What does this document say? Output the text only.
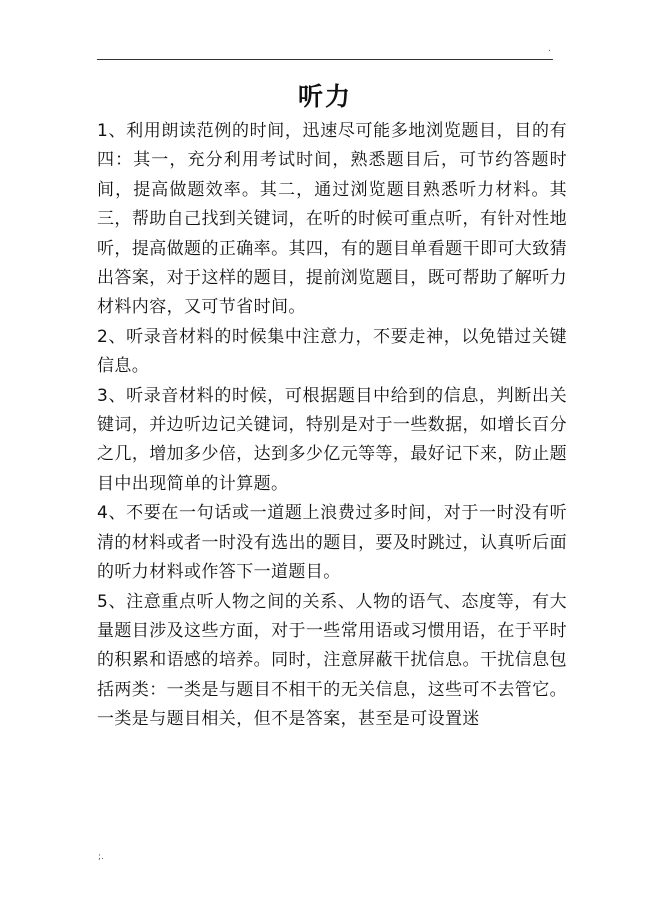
.
听力

1、利用朗读范例的时间，迅速尽可能多地浏览题目，目的有四：其一，充分利用考试时间，熟悉题目后，可节约答题时间，提高做题效率。其二，通过浏览题目熟悉听力材料。其三，帮助自己找到关键词，在听的时候可重点听，有针对性地听，提高做题的正确率。其四，有的题目单看题干即可大致猜出答案，对于这样的题目，提前浏览题目，既可帮助了解听力材料内容，又可节省时间。

2、听录音材料的时候集中注意力，不要走神，以免错过关键信息。

3、听录音材料的时候，可根据题目中给到的信息，判断出关键词，并边听边记关键词，特别是对于一些数据，如增长百分之几，增加多少倍，达到多少亿元等等，最好记下来，防止题目中出现简单的计算题。

4、不要在一句话或一道题上浪费过多时间，对于一时没有听清的材料或者一时没有选出的题目，要及时跳过，认真听后面的听力材料或作答下一道题目。

5、注意重点听人物之间的关系、人物的语气、态度等，有大量题目涉及这些方面，对于一些常用语或习惯用语，在于平时的积累和语感的培养。同时，注意屏蔽干扰信息。干扰信息包括两类：一类是与题目不相干的无关信息，这些可不去管它。一类是与题目相关，但不是答案，甚至是可设置迷

;.
